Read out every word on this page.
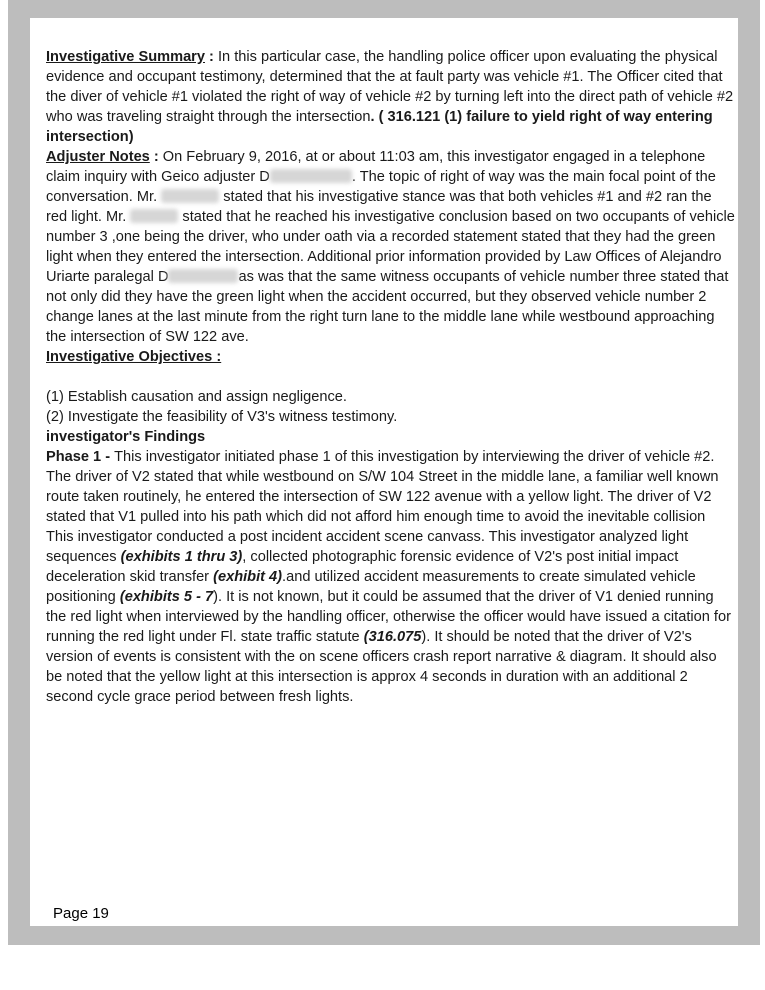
Investigative Summary : In this particular case, the handling police officer upon evaluating the physical evidence and occupant testimony, determined that the at fault party was vehicle #1. The Officer cited that the diver of vehicle #1 violated the right of way of vehicle #2 by turning left into the direct path of vehicle #2 who was traveling straight through the intersection. ( 316.121 (1) failure to yield right of way entering intersection)

Adjuster Notes : On February 9, 2016, at or about 11:03 am, this investigator engaged in a telephone claim inquiry with Geico adjuster D	. The topic of right of way was the main focal point of the conversation. Mr.	stated that his investigative stance was that both vehicles #1 and #2 ran the red light. Mr.	stated that he reached his investigative conclusion based on two occupants of vehicle number 3 ,one being the driver, who under oath via a recorded statement stated that they had the green light when they entered the intersection. Additional prior information provided by Law Offices of Alejandro Uriarte paralegal D	as was that the same witness occupants of vehicle number three stated that not only did they have the green light when the accident occurred, but they observed vehicle number 2 change lanes at the last minute from the right turn lane to the middle lane while westbound approaching the intersection of SW 122 ave.

Investigative Objectives :

(1) Establish causation and assign negligence.

(2) Investigate the feasibility of V3's witness testimony.

investigator's Findings

Phase 1 - This investigator initiated phase 1 of this investigation by interviewing the driver of vehicle #2. The driver of V2 stated that while westbound on S/W 104 Street in the middle lane, a familiar well known route taken routinely, he entered the intersection of SW 122 avenue with a yellow light. The driver of V2 stated that V1 pulled into his path which did not afford him enough time to avoid the inevitable collision This investigator conducted a post incident accident scene canvass. This investigator analyzed light sequences (exhibits 1 thru 3), collected photographic forensic evidence of V2's post initial impact deceleration skid transfer (exhibit 4).and utilized accident measurements to create simulated vehicle positioning (exhibits 5 - 7). It is not known, but it could be assumed that the driver of V1 denied running the red light when interviewed by the handling officer, otherwise the officer would have issued a citation for running the red light under Fl. state traffic statute (316.075). It should be noted that the driver of V2's version of events is consistent with the on scene officers crash report narrative & diagram. It should also be noted that the yellow light at this intersection is approx 4 seconds in duration with an additional 2 second cycle grace period between fresh lights.

Page 19
